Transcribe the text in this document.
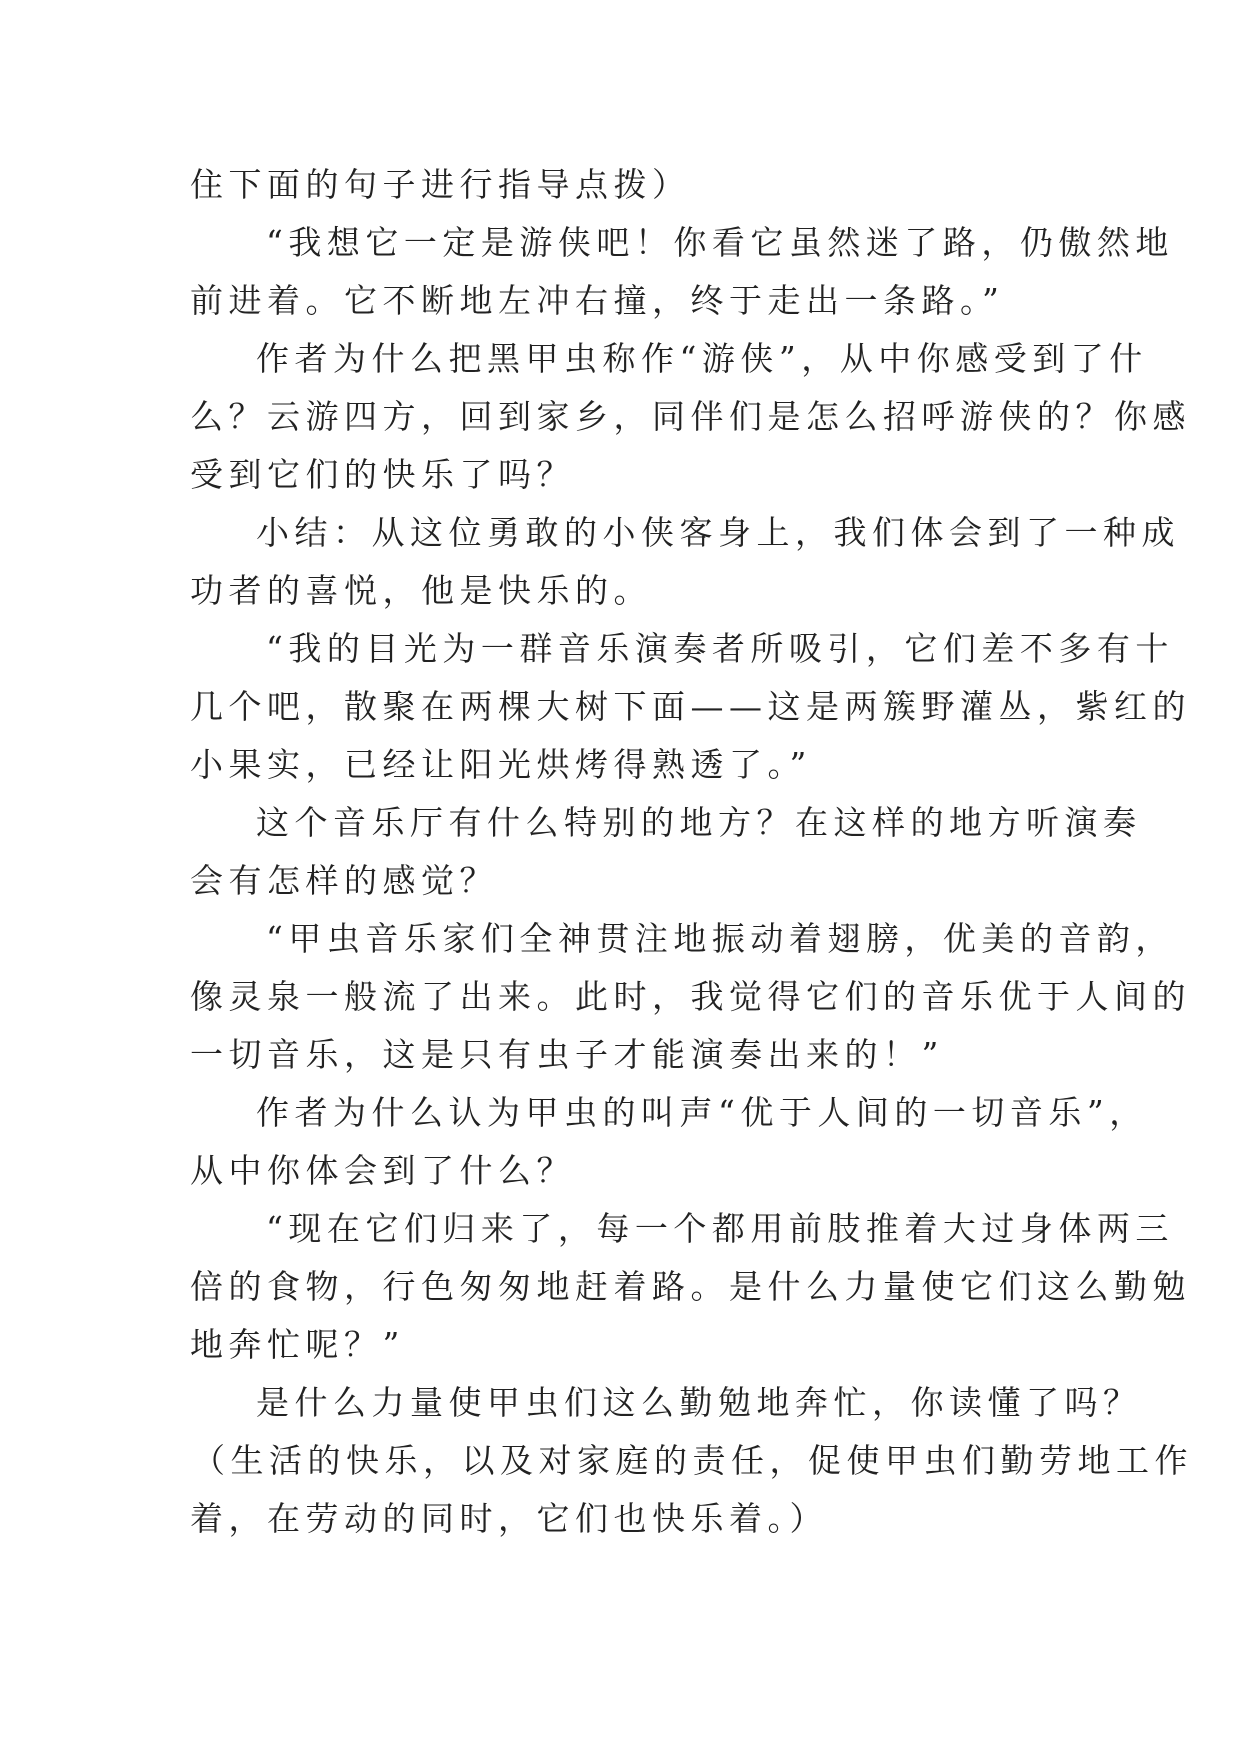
住下面的句子进行指导点拨）
“我想它一定是游侠吧！你看它虽然迷了路，仍傲然地
前进着。它不断地左冲右撞，终于走出一条路。”
作者为什么把黑甲虫称作“游侠”，从中你感受到了什
么？云游四方，回到家乡，同伴们是怎么招呼游侠的？你感
受到它们的快乐了吗？
小结：从这位勇敢的小侠客身上，我们体会到了一种成
功者的喜悦，他是快乐的。
“我的目光为一群音乐演奏者所吸引，它们差不多有十
几个吧，散聚在两棵大树下面——这是两簇野灌丛，紫红的
小果实，已经让阳光烘烤得熟透了。”
这个音乐厅有什么特别的地方？在这样的地方听演奏
会有怎样的感觉？
“甲虫音乐家们全神贯注地振动着翅膀，优美的音韵，
像灵泉一般流了出来。此时，我觉得它们的音乐优于人间的
一切音乐，这是只有虫子才能演奏出来的！”
作者为什么认为甲虫的叫声“优于人间的一切音乐”，
从中你体会到了什么？
“现在它们归来了，每一个都用前肢推着大过身体两三
倍的食物，行色匆匆地赶着路。是什么力量使它们这么勤勉
地奔忙呢？”
是什么力量使甲虫们这么勤勉地奔忙，你读懂了吗？
（生活的快乐，以及对家庭的责任，促使甲虫们勤劳地工作
着，在劳动的同时，它们也快乐着。）
